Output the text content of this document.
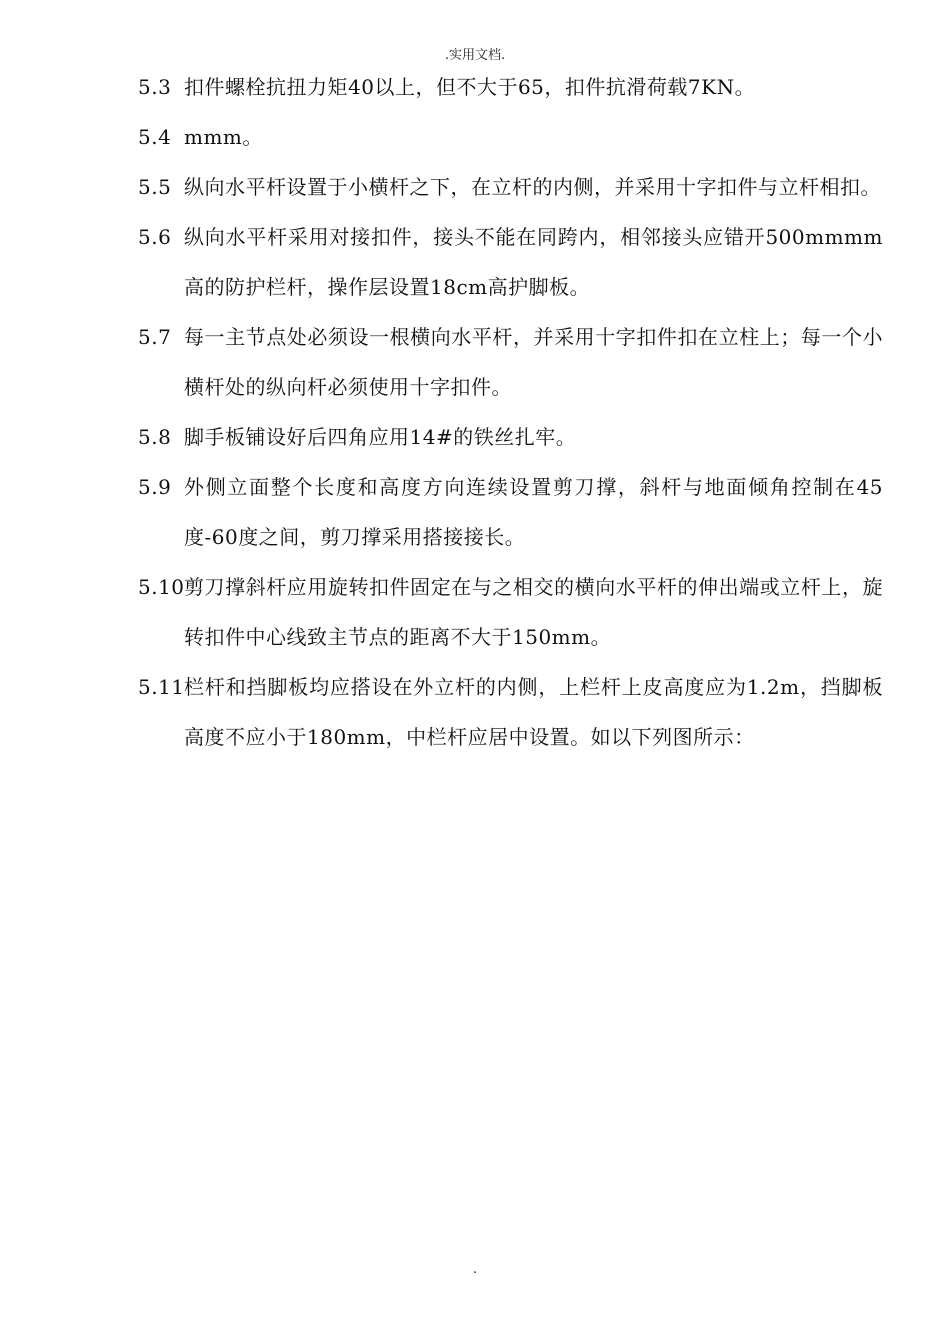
.实用文档.
5.3 扣件螺栓抗扭力矩40以上，但不大于65，扣件抗滑荷载7KN。
5.4 mmm。
5.5 纵向水平杆设置于小横杆之下，在立杆的内侧，并采用十字扣件与立杆相扣。
5.6 纵向水平杆采用对接扣件，接头不能在同跨内，相邻接头应错开500mmmm高的防护栏杆，操作层设置18cm高护脚板。
5.7 每一主节点处必须设一根横向水平杆，并采用十字扣件扣在立柱上；每一个小横杆处的纵向杆必须使用十字扣件。
5.8 脚手板铺设好后四角应用14#的铁丝扎牢。
5.9 外侧立面整个长度和高度方向连续设置剪刀撑，斜杆与地面倾角控制在45度-60度之间，剪刀撑采用搭接接长。
5.10 剪刀撑斜杆应用旋转扣件固定在与之相交的横向水平杆的伸出端或立杆上，旋转扣件中心线致主节点的距离不大于150mm。
5.11 栏杆和挡脚板均应搭设在外立杆的内侧，上栏杆上皮高度应为1.2m，挡脚板高度不应小于180mm，中栏杆应居中设置。如以下列图所示：
.
